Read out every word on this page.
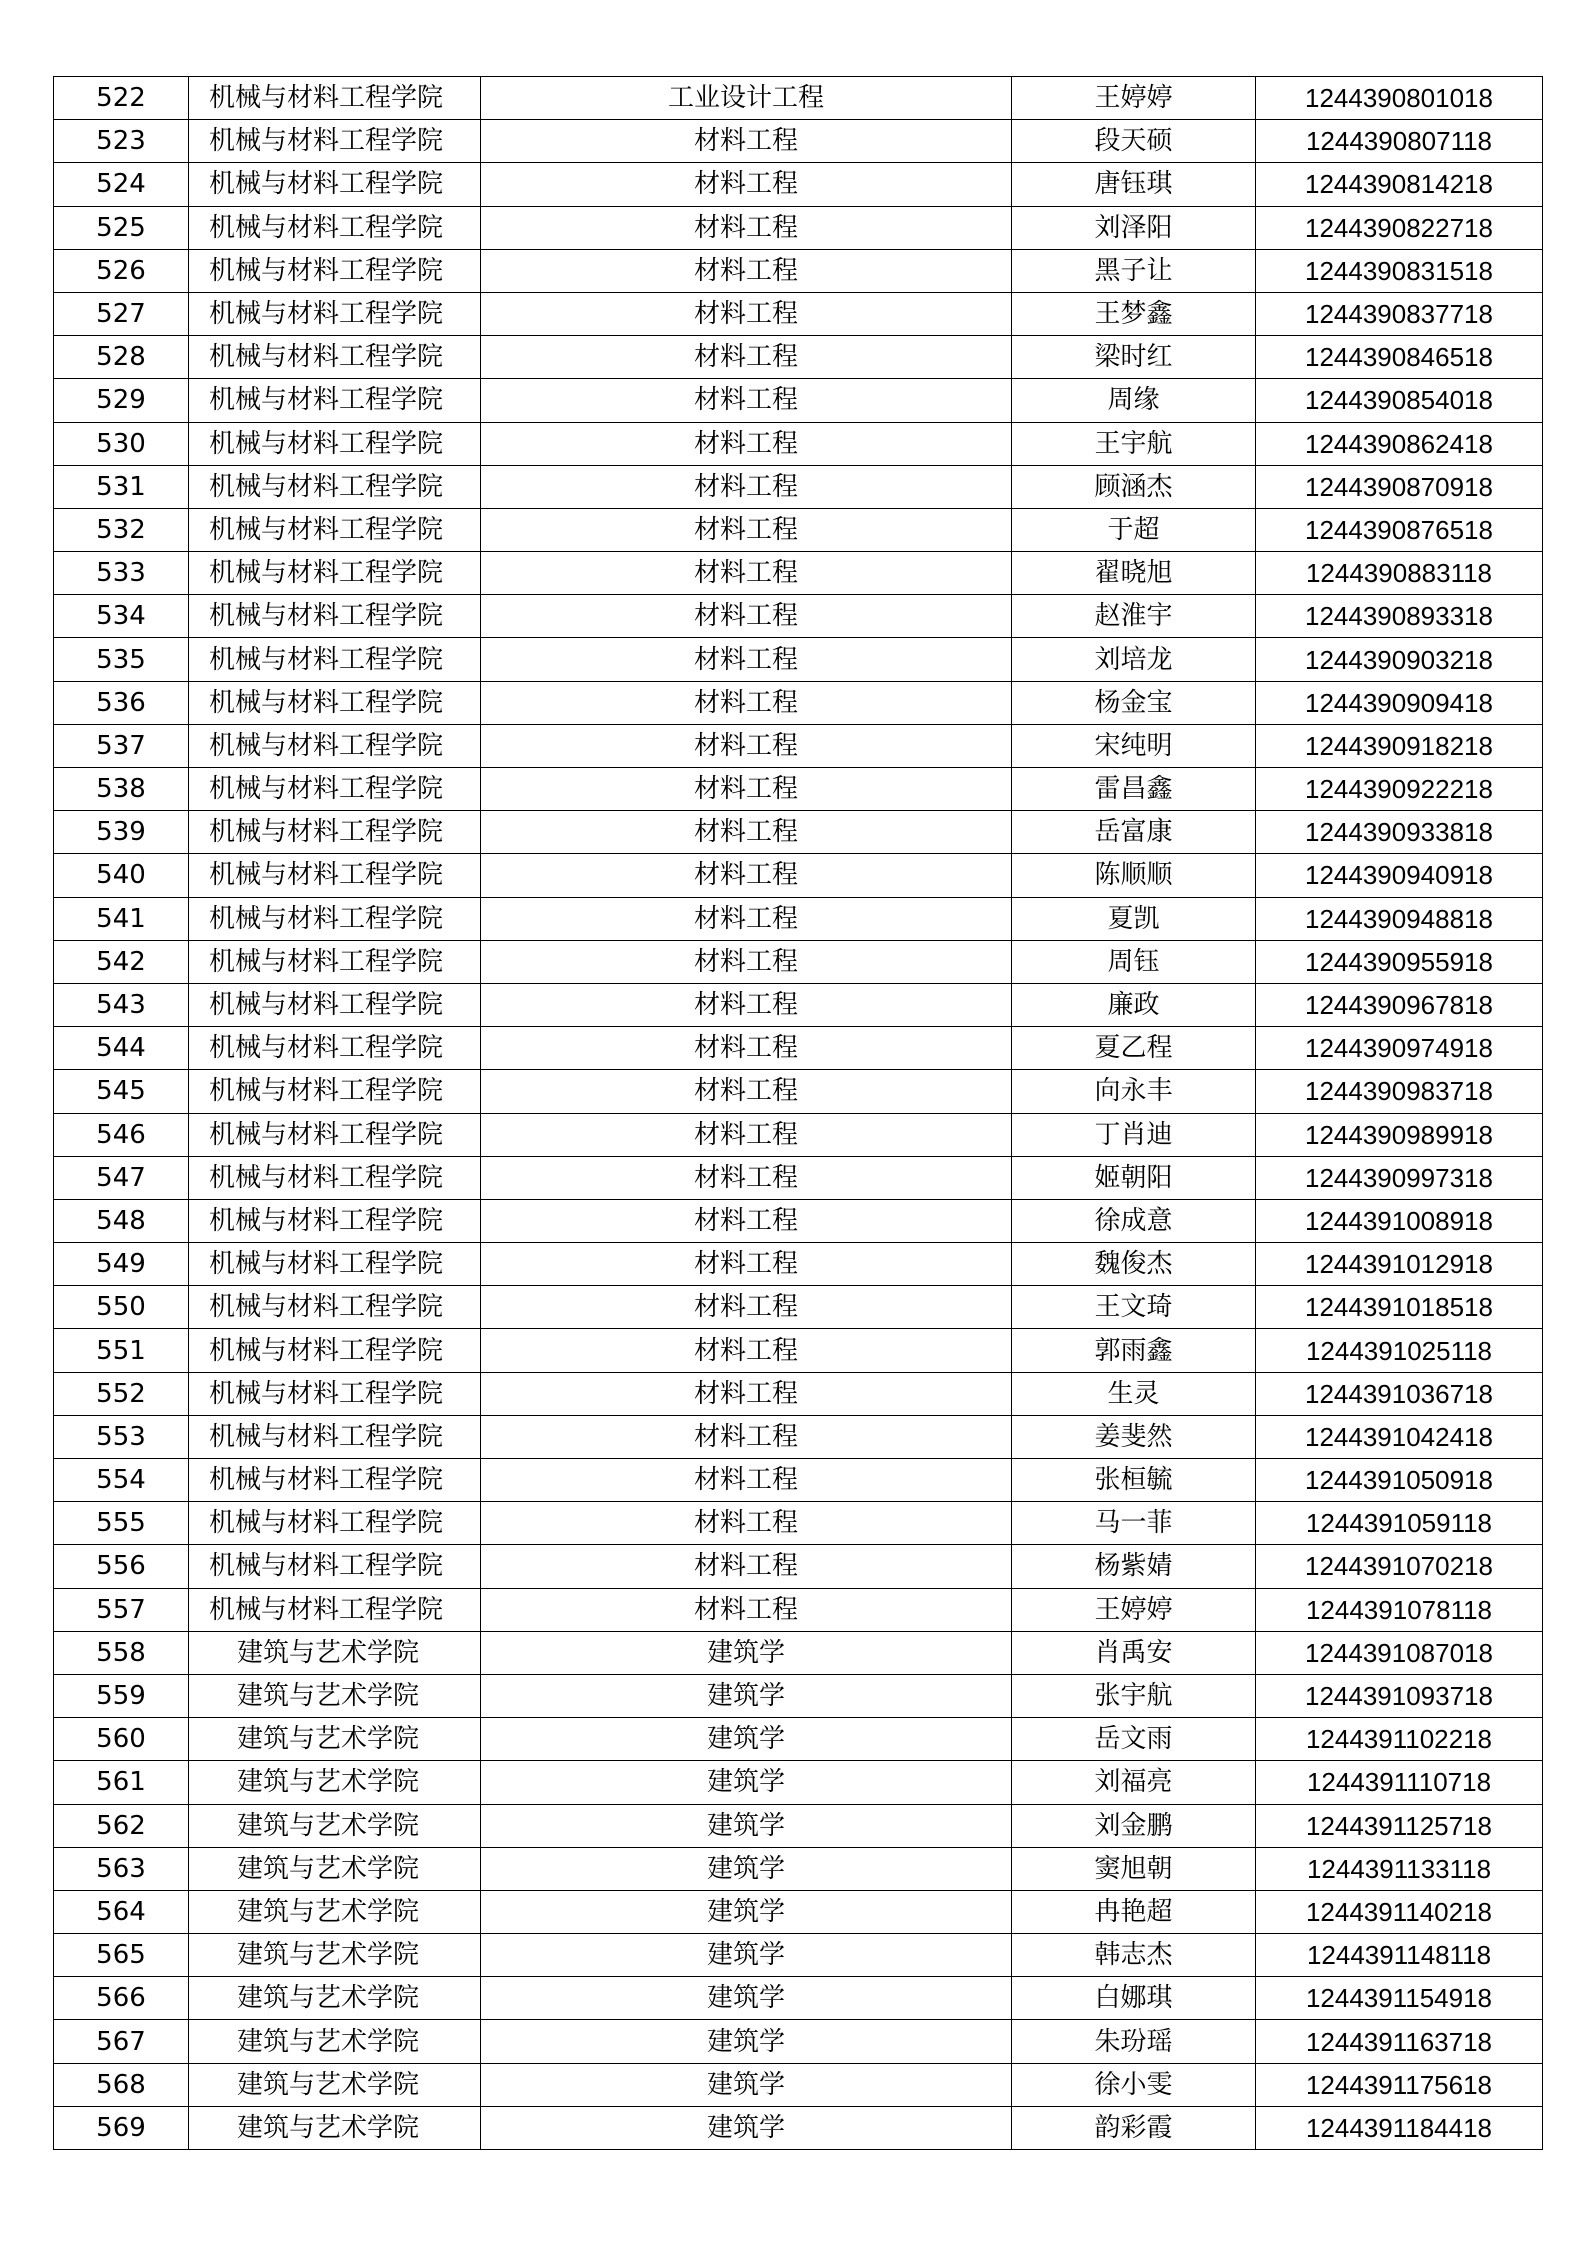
522	机械与材料工程学院	工业设计工程	王婷婷	1244390801018
523	机械与材料工程学院	材料工程	段天硕	1244390807118
524	机械与材料工程学院	材料工程	唐钰琪	1244390814218
525	机械与材料工程学院	材料工程	刘泽阳	1244390822718
526	机械与材料工程学院	材料工程	黑子让	1244390831518
527	机械与材料工程学院	材料工程	王梦鑫	1244390837718
528	机械与材料工程学院	材料工程	梁时红	1244390846518
529	机械与材料工程学院	材料工程	周缘	1244390854018
530	机械与材料工程学院	材料工程	王宇航	1244390862418
531	机械与材料工程学院	材料工程	顾涵杰	1244390870918
532	机械与材料工程学院	材料工程	于超	1244390876518
533	机械与材料工程学院	材料工程	翟晓旭	1244390883118
534	机械与材料工程学院	材料工程	赵淮宇	1244390893318
535	机械与材料工程学院	材料工程	刘培龙	1244390903218
536	机械与材料工程学院	材料工程	杨金宝	1244390909418
537	机械与材料工程学院	材料工程	宋纯明	1244390918218
538	机械与材料工程学院	材料工程	雷昌鑫	1244390922218
539	机械与材料工程学院	材料工程	岳富康	1244390933818
540	机械与材料工程学院	材料工程	陈顺顺	1244390940918
541	机械与材料工程学院	材料工程	夏凯	1244390948818
542	机械与材料工程学院	材料工程	周钰	1244390955918
543	机械与材料工程学院	材料工程	廉政	1244390967818
544	机械与材料工程学院	材料工程	夏乙程	1244390974918
545	机械与材料工程学院	材料工程	向永丰	1244390983718
546	机械与材料工程学院	材料工程	丁肖迪	1244390989918
547	机械与材料工程学院	材料工程	姬朝阳	1244390997318
548	机械与材料工程学院	材料工程	徐成意	1244391008918
549	机械与材料工程学院	材料工程	魏俊杰	1244391012918
550	机械与材料工程学院	材料工程	王文琦	1244391018518
551	机械与材料工程学院	材料工程	郭雨鑫	1244391025118
552	机械与材料工程学院	材料工程	生灵	1244391036718
553	机械与材料工程学院	材料工程	姜斐然	1244391042418
554	机械与材料工程学院	材料工程	张桓毓	1244391050918
555	机械与材料工程学院	材料工程	马一菲	1244391059118
556	机械与材料工程学院	材料工程	杨紫婧	1244391070218
557	机械与材料工程学院	材料工程	王婷婷	1244391078118
558	建筑与艺术学院	建筑学	肖禹安	1244391087018
559	建筑与艺术学院	建筑学	张宇航	1244391093718
560	建筑与艺术学院	建筑学	岳文雨	1244391102218
561	建筑与艺术学院	建筑学	刘福亮	1244391110718
562	建筑与艺术学院	建筑学	刘金鹏	1244391125718
563	建筑与艺术学院	建筑学	窦旭朝	1244391133118
564	建筑与艺术学院	建筑学	冉艳超	1244391140218
565	建筑与艺术学院	建筑学	韩志杰	1244391148118
566	建筑与艺术学院	建筑学	白娜琪	1244391154918
567	建筑与艺术学院	建筑学	朱玢瑶	1244391163718
568	建筑与艺术学院	建筑学	徐小雯	1244391175618
569	建筑与艺术学院	建筑学	韵彩霞	1244391184418
